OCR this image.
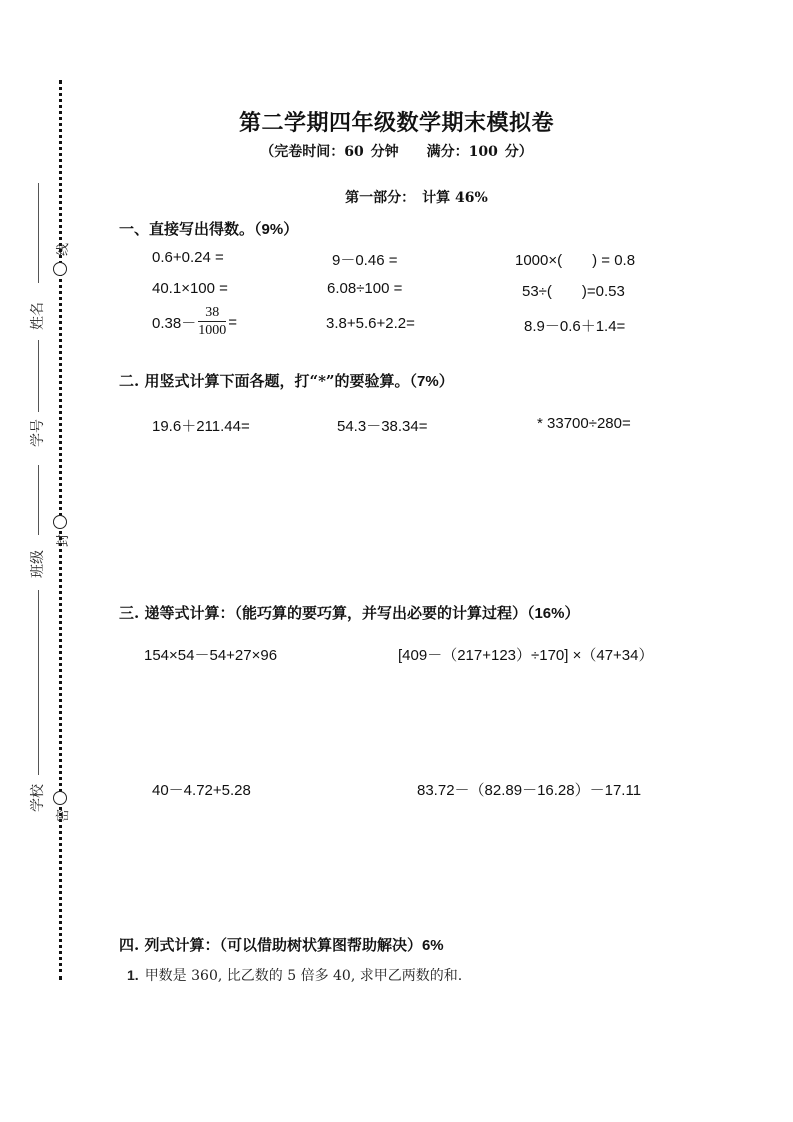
姓名
学号
班级
学校
线
封
密
第二学期四年级数学期末模拟卷
（完卷时间：60 分钟　　满分：100 分）
第一部分：　计算 46%
一、直接写出得数。（9%）
0.6+0.24 =	9－0.46 =	1000×(　　) = 0.8
40.1×100 =	6.08÷100 =	53÷(　　)=0.53
$0.38- \frac{38}{1000}$ =	3.8+5.6+2.2=	8.9－0.6＋1.4=
二. 用竖式计算下面各题，打“*”的要验算。（7%）
19.6＋211.44=	54.3－38.34=	* 33700÷280=
三. 递等式计算：（能巧算的要巧算，并写出必要的计算过程）（16%）
154×54－54+27×96	[409－（217+123）÷170] ×（47+34）
40－4.72+5.28	83.72－（82.89－16.28）－17.11
四. 列式计算：（可以借助树状算图帮助解决）6%
1. 甲数是 360, 比乙数的 5 倍多 40, 求甲乙两数的和.
